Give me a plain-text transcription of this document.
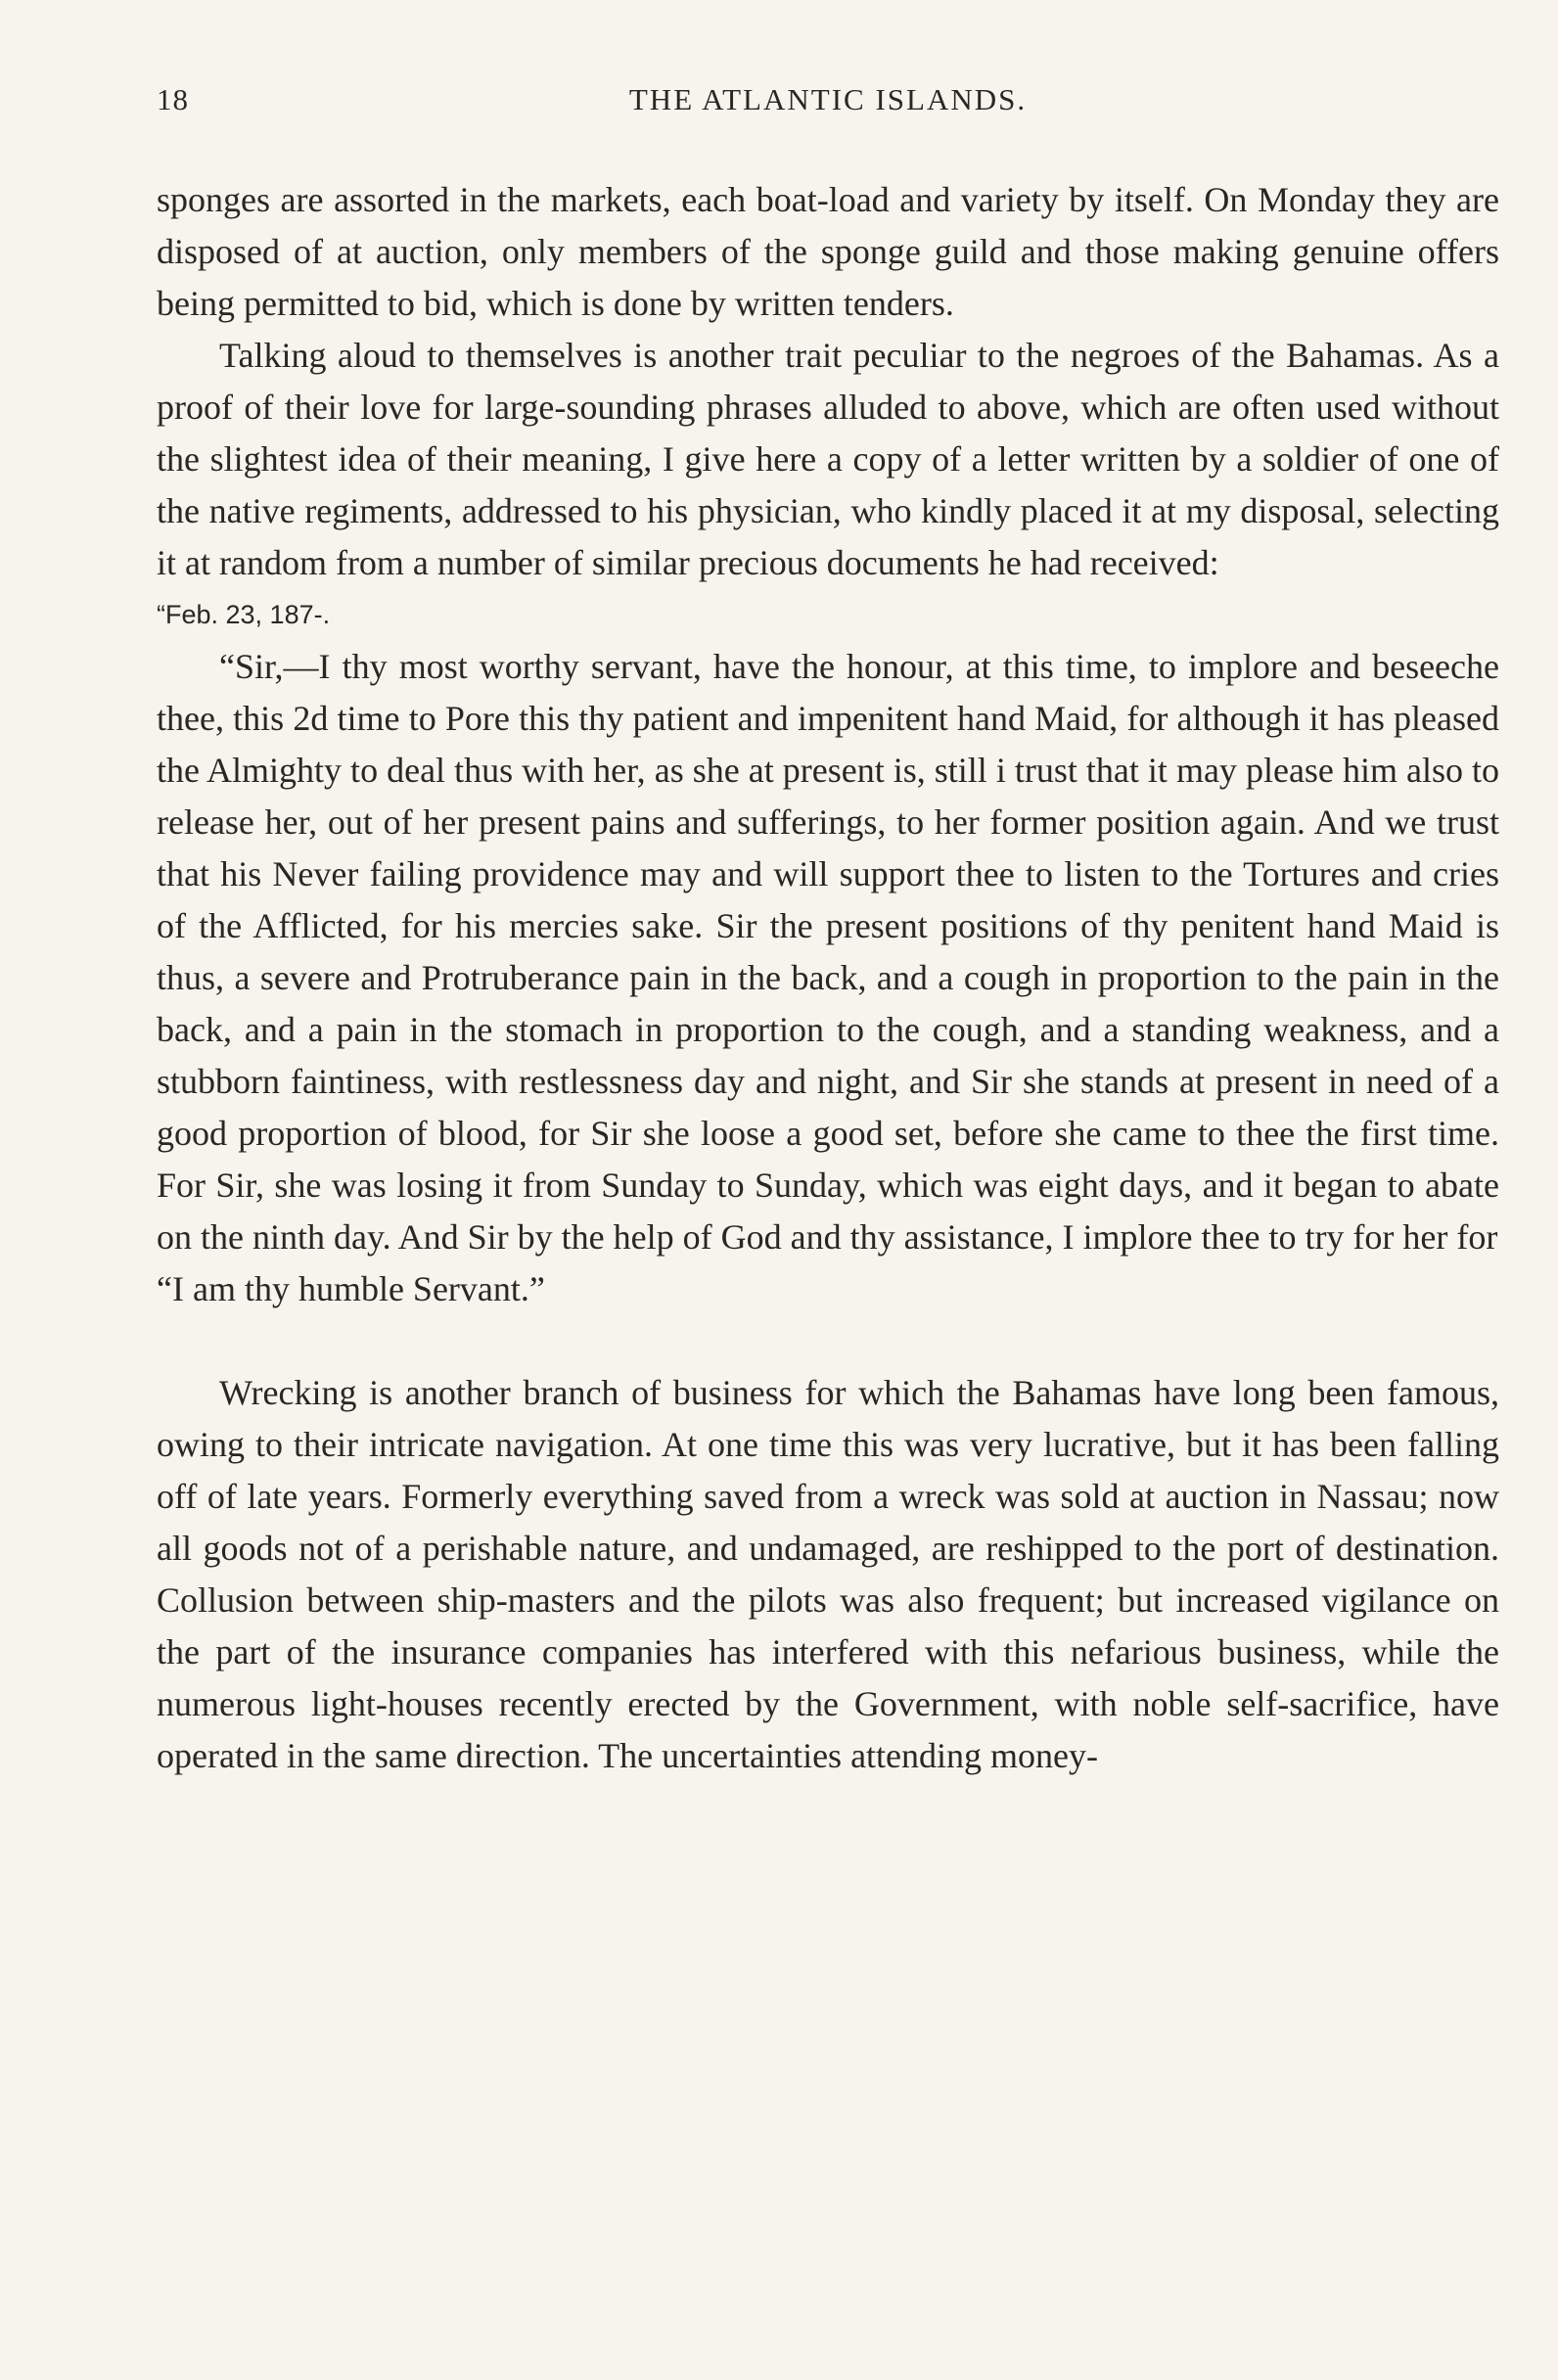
18	THE ATLANTIC ISLANDS.

sponges are assorted in the markets, each boat-load and variety by itself. On Monday they are disposed of at auction, only members of the sponge guild and those making genuine offers being permitted to bid, which is done by written tenders.

Talking aloud to themselves is another trait peculiar to the negroes of the Bahamas. As a proof of their love for large-sounding phrases alluded to above, which are often used without the slightest idea of their meaning, I give here a copy of a letter written by a soldier of one of the native regiments, addressed to his physician, who kindly placed it at my disposal, selecting it at random from a number of similar precious documents he had received:

“Feb. 23, 187-.

“Sir,—I thy most worthy servant, have the honour, at this time, to implore and beseeche thee, this 2d time to Pore this thy patient and impenitent hand Maid, for although it has pleased the Almighty to deal thus with her, as she at present is, still i trust that it may please him also to release her, out of her present pains and sufferings, to her former position again. And we trust that his Never failing providence may and will support thee to listen to the Tortures and cries of the Afflicted, for his mercies sake. Sir the present positions of thy penitent hand Maid is thus, a severe and Protruberance pain in the back, and a cough in proportion to the pain in the back, and a pain in the stomach in proportion to the cough, and a standing weakness, and a stubborn faintiness, with restlessness day and night, and Sir she stands at present in need of a good proportion of blood, for Sir she loose a good set, before she came to thee the first time. For Sir, she was losing it from Sunday to Sunday, which was eight days, and it began to abate on the ninth day. And Sir by the help of God and thy assistance, I implore thee to try for her for

“I am thy humble Servant.”

Wrecking is another branch of business for which the Bahamas have long been famous, owing to their intricate navigation. At one time this was very lucrative, but it has been falling off of late years. Formerly everything saved from a wreck was sold at auction in Nassau; now all goods not of a perishable nature, and undamaged, are reshipped to the port of destination. Collusion between ship-masters and the pilots was also frequent; but increased vigilance on the part of the insurance companies has interfered with this nefarious business, while the numerous light-houses recently erected by the Government, with noble self-sacrifice, have operated in the same direction. The uncertainties attending money-
